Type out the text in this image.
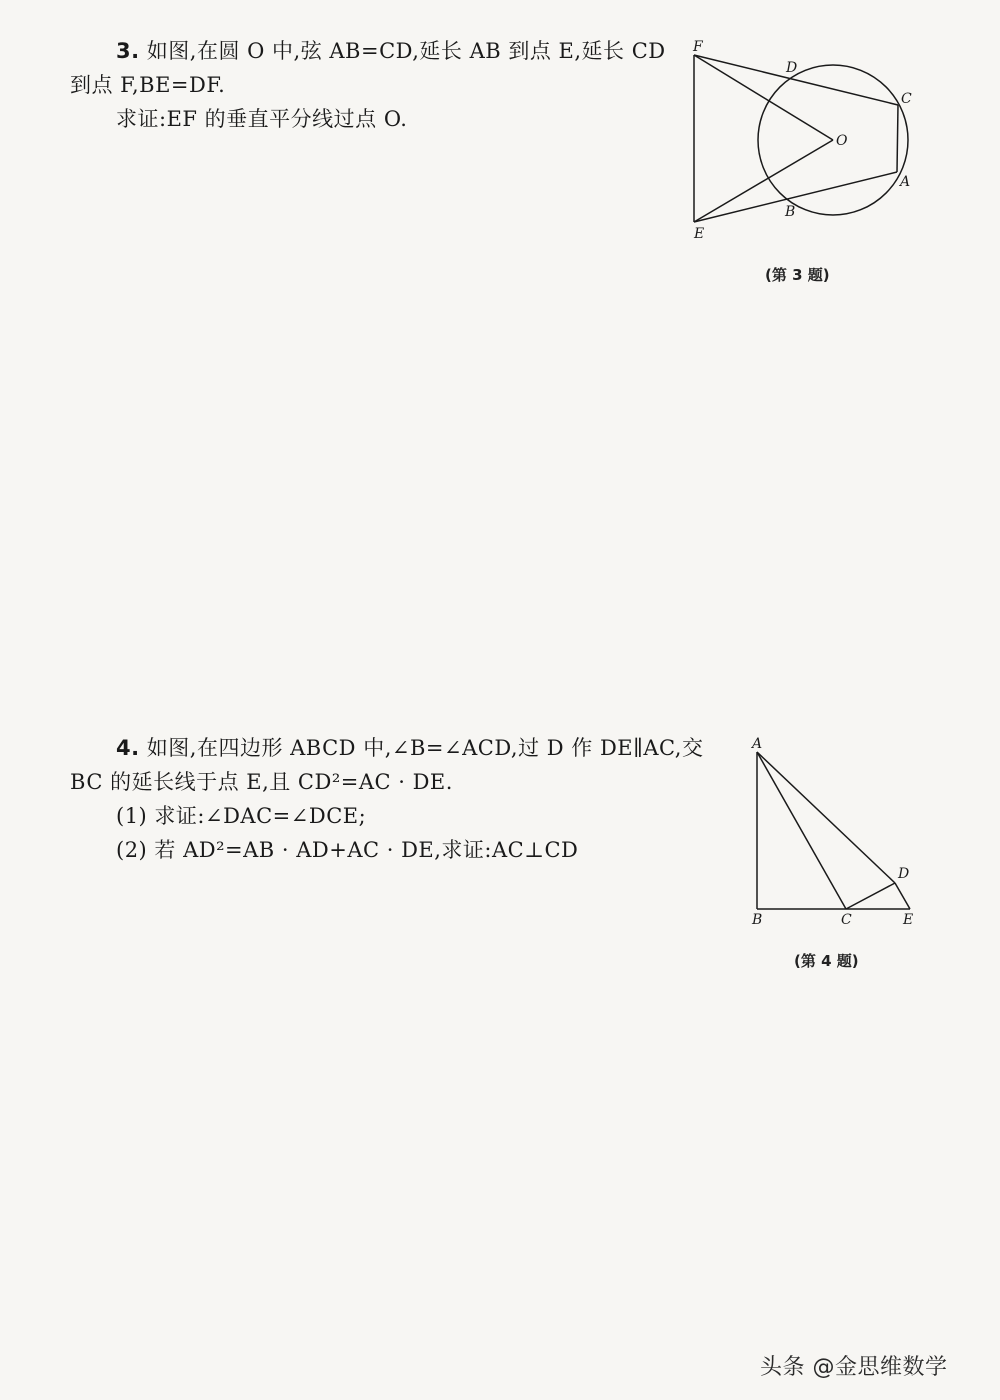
3. 如图,在圆 O 中,弦 AB=CD,延长 AB 到点 E,延长 CD
到点 F,BE=DF.
求证:EF 的垂直平分线过点 O.
F
D
C
O
A
B
E
(第 3 题)
4. 如图,在四边形 ABCD 中,∠B=∠ACD,过 D 作 DE∥AC,交
BC 的延长线于点 E,且 CD²=AC · DE.
(1) 求证:∠DAC=∠DCE;
(2) 若 AD²=AB · AD+AC · DE,求证:AC⊥CD
A
B	C
D
E
(第 4 题)
头条 @金思维数学
